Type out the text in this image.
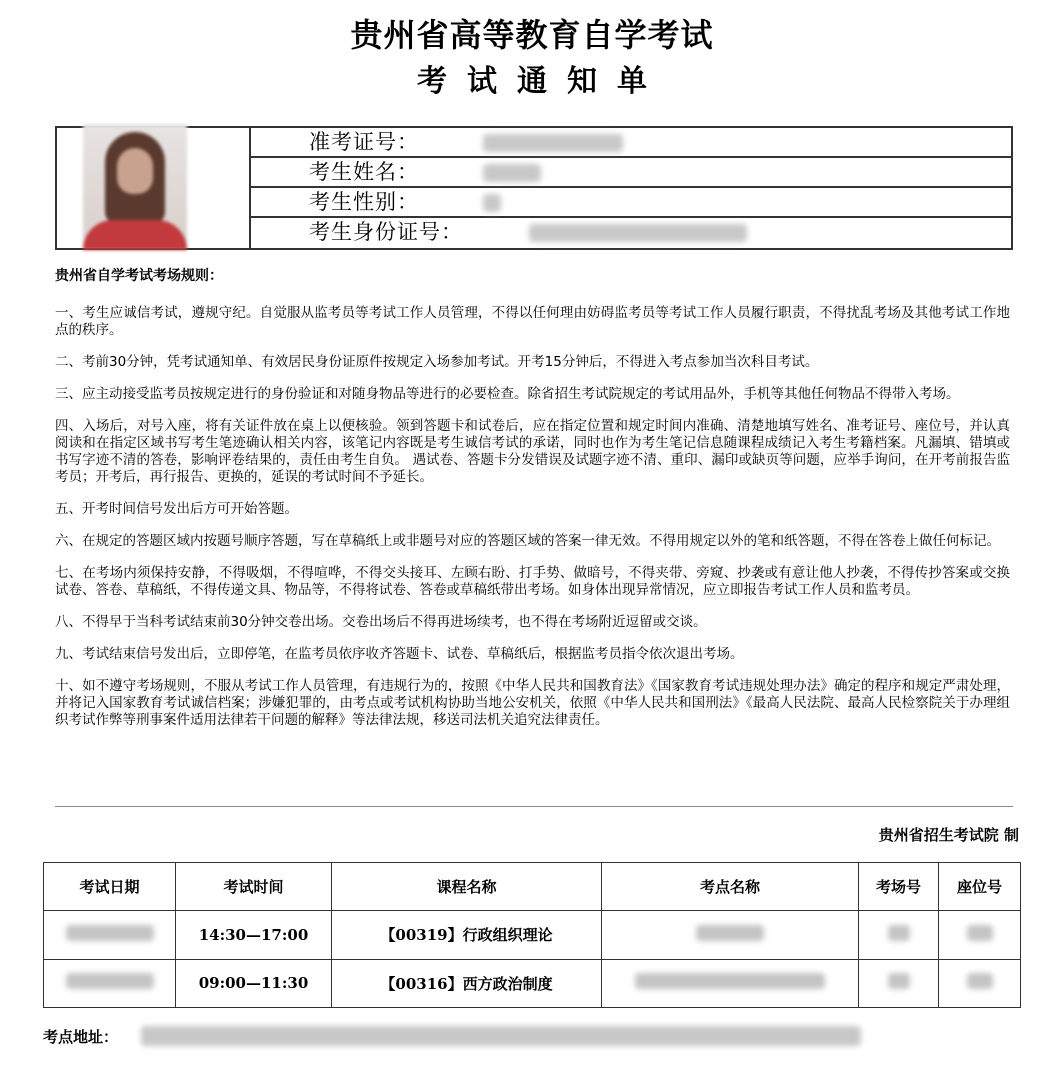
贵州省高等教育自学考试
考试通知单
准考证号：
考生姓名：
考生性别：
考生身份证号：
贵州省自学考试考场规则：

一、考生应诚信考试，遵规守纪。自觉服从监考员等考试工作人员管理，不得以任何理由妨碍监考员等考试工作人员履行职责，不得扰乱考场及其他考试工作地点的秩序。

二、考前30分钟，凭考试通知单、有效居民身份证原件按规定入场参加考试。开考15分钟后，不得进入考点参加当次科目考试。

三、应主动接受监考员按规定进行的身份验证和对随身物品等进行的必要检查。除省招生考试院规定的考试用品外，手机等其他任何物品不得带入考场。

四、入场后，对号入座，将有关证件放在桌上以便核验。领到答题卡和试卷后，应在指定位置和规定时间内准确、清楚地填写姓名、准考证号、座位号，并认真阅读和在指定区域书写考生笔迹确认相关内容，该笔记内容既是考生诚信考试的承诺，同时也作为考生笔记信息随课程成绩记入考生考籍档案。凡漏填、错填或书写字迹不清的答卷，影响评卷结果的，责任由考生自负。 遇试卷、答题卡分发错误及试题字迹不清、重印、漏印或缺页等问题，应举手询问，在开考前报告监考员；开考后，再行报告、更换的，延误的考试时间不予延长。

五、开考时间信号发出后方可开始答题。

六、在规定的答题区域内按题号顺序答题，写在草稿纸上或非题号对应的答题区域的答案一律无效。不得用规定以外的笔和纸答题，不得在答卷上做任何标记。

七、在考场内须保持安静，不得吸烟，不得喧哗，不得交头接耳、左顾右盼、打手势、做暗号，不得夹带、旁窥、抄袭或有意让他人抄袭，不得传抄答案或交换试卷、答卷、草稿纸，不得传递文具、物品等，不得将试卷、答卷或草稿纸带出考场。如身体出现异常情况，应立即报告考试工作人员和监考员。

八、不得早于当科考试结束前30分钟交卷出场。交卷出场后不得再进场续考，也不得在考场附近逗留或交谈。

九、考试结束信号发出后，立即停笔，在监考员依序收齐答题卡、试卷、草稿纸后，根据监考员指令依次退出考场。

十、如不遵守考场规则，不服从考试工作人员管理，有违规行为的，按照《中华人民共和国教育法》《国家教育考试违规处理办法》确定的程序和规定严肃处理，并将记入国家教育考试诚信档案；涉嫌犯罪的，由考点或考试机构协助当地公安机关，依照《中华人民共和国刑法》《最高人民法院、最高人民检察院关于办理组织考试作弊等刑事案件适用法律若干问题的解释》等法律法规，移送司法机关追究法律责任。

贵州省招生考试院 制
考试日期	考试时间	课程名称	考点名称	考场号	座位号
	14:30—17:00	【00319】行政组织理论			
	09:00—11:30	【00316】西方政治制度			
考点地址：
